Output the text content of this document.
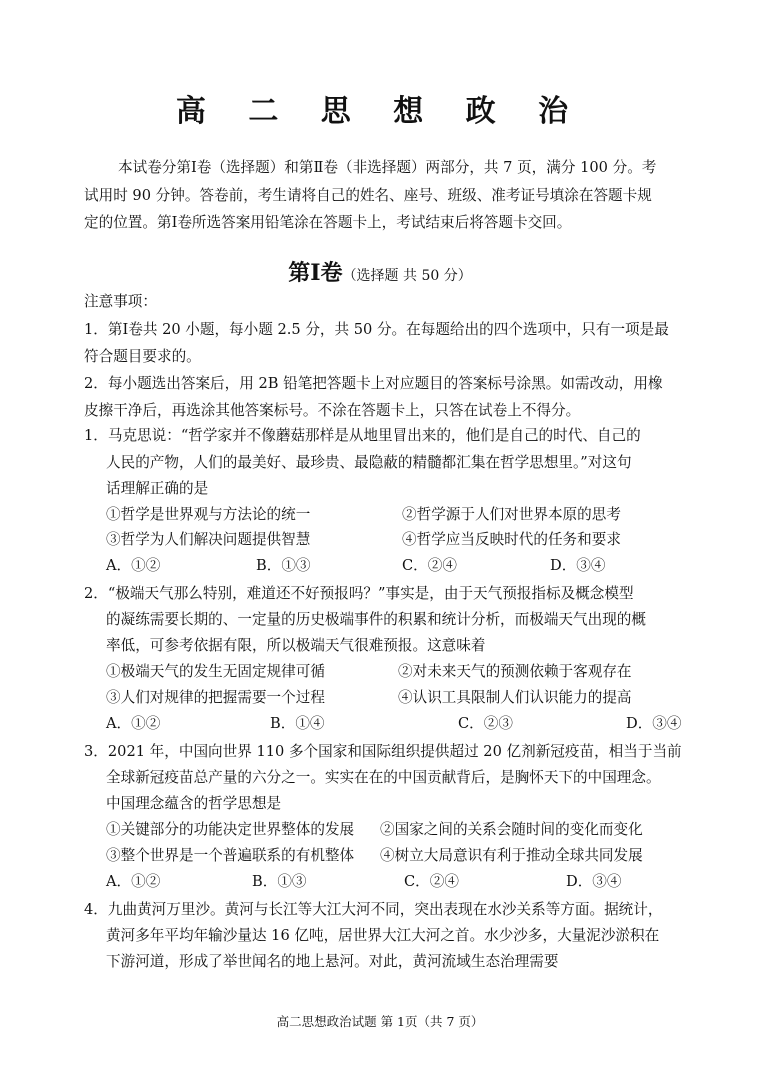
高 二 思 想 政 治
本试卷分第Ⅰ卷（选择题）和第Ⅱ卷（非选择题）两部分，共 7 页，满分 100 分。考
试用时 90 分钟。答卷前，考生请将自己的姓名、座号、班级、准考证号填涂在答题卡规
定的位置。第Ⅰ卷所选答案用铅笔涂在答题卡上，考试结束后将答题卡交回。
第Ⅰ卷（选择题 共 50 分）
注意事项：
1．第Ⅰ卷共 20 小题，每小题 2.5 分，共 50 分。在每题给出的四个选项中，只有一项是最
符合题目要求的。
2．每小题选出答案后，用 2B 铅笔把答题卡上对应题目的答案标号涂黑。如需改动，用橡
皮擦干净后，再选涂其他答案标号。不涂在答题卡上，只答在试卷上不得分。
1．马克思说：“哲学家并不像蘑菇那样是从地里冒出来的，他们是自己的时代、自己的
人民的产物，人们的最美好、最珍贵、最隐蔽的精髓都汇集在哲学思想里。”对这句
话理解正确的是
①哲学是世界观与方法论的统一	②哲学源于人们对世界本原的思考
③哲学为人们解决问题提供智慧	④哲学应当反映时代的任务和要求
A．①②	B．①③	C．②④	D．③④
2．“极端天气那么特别，难道还不好预报吗？”事实是，由于天气预报指标及概念模型
的凝练需要长期的、一定量的历史极端事件的积累和统计分析，而极端天气出现的概
率低，可参考依据有限，所以极端天气很难预报。这意味着
①极端天气的发生无固定规律可循	②对未来天气的预测依赖于客观存在
③人们对规律的把握需要一个过程	④认识工具限制人们认识能力的提高
A．①②	B．①④	C．②③	D．③④
3．2021 年，中国向世界 110 多个国家和国际组织提供超过 20 亿剂新冠疫苗，相当于当前
全球新冠疫苗总产量的六分之一。实实在在的中国贡献背后，是胸怀天下的中国理念。
中国理念蕴含的哲学思想是
①关键部分的功能决定世界整体的发展 ②国家之间的关系会随时间的变化而变化
③整个世界是一个普遍联系的有机整体 ④树立大局意识有利于推动全球共同发展
A．①②	B．①③	C．②④	D．③④
4．九曲黄河万里沙。黄河与长江等大江大河不同，突出表现在水沙关系等方面。据统计，
黄河多年平均年输沙量达 16 亿吨，居世界大江大河之首。水少沙多，大量泥沙淤积在
下游河道，形成了举世闻名的地上悬河。对此，黄河流域生态治理需要
高二思想政治试题 第 1页（共 7 页）
